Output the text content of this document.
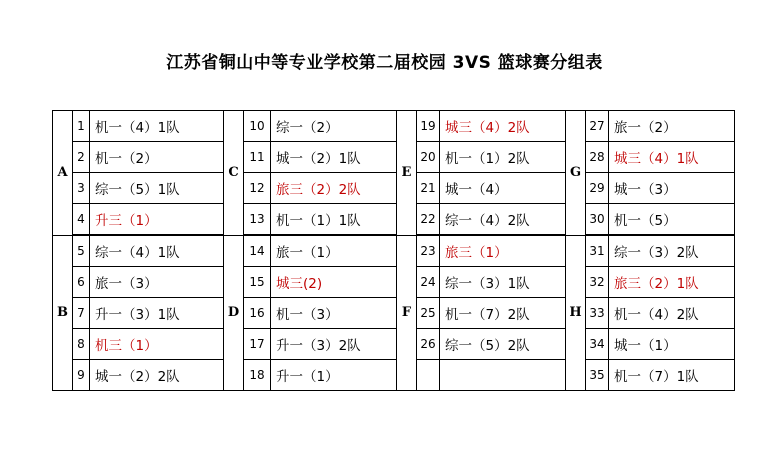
江苏省铜山中等专业学校第二届校园 3VS 篮球赛分组表
A	1	机一（4）1队	C	10	综一（2）	E	19	城三（4）2队	G	27	旅一（2）
	2	机一（2）		11	城一（2）1队		20	机一（1）2队		28	城三（4）1队
	3	综一（5）1队		12	旅三（2）2队		21	城一（4）		29	城一（3）
	4	升三（1）		13	机一（1）1队		22	综一（4）2队		30	机一（5）
B	5	综一（4）1队	D	14	旅一（1）	F	23	旅三（1）	H	31	综一（3）2队
	6	旅一（3）		15	城三(2)		24	综一（3）1队		32	旅三（2）1队
	7	升一（3）1队		16	机一（3）		25	机一（7）2队		33	机一（4）2队
	8	机三（1）		17	升一（3）2队		26	综一（5）2队		34	城一（1）
	9	城一（2）2队		18	升一（1）					35	机一（7）1队
